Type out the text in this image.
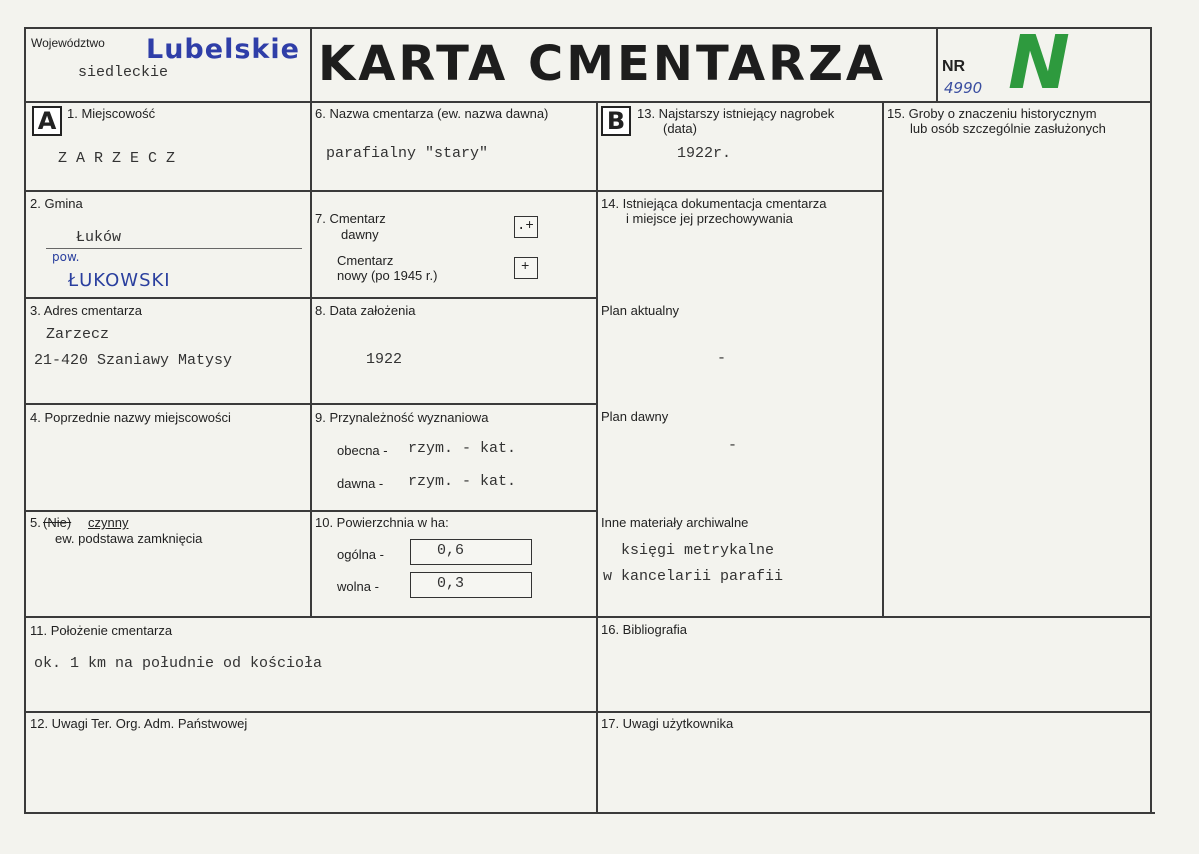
Województwo Lubelskie
siedleckie	KARTA CMENTARZA	NR
4990 N
A 1. Miejscowość
Z A R Z E C Z
2. Gmina
Łuków
pow.
ŁUKOWSKI
3. Adres cmentarza
Zarzecz
21-420 Szaniawy Matysy
4. Poprzednie nazwy miejscowości
5. (Nie) czynny
ew. podstawa zamknięcia
6. Nazwa cmentarza (ew. nazwa dawna)
parafialny "stary"
7. Cmentarz
dawny
.+
Cmentarz
nowy (po 1945 r.)
+
8. Data założenia
1922
9. Przynależność wyznaniowa
obecna - rzym. - kat.
dawna - rzym. - kat.
10. Powierzchnia w ha:
ogólna -	0,6
wolna -	0,3
11. Położenie cmentarza
ok. 1 km na południe od kościoła
12. Uwagi Ter. Org. Adm. Państwowej
B 13. Najstarszy istniejący nagrobek
(data)
1922r.
14. Istniejąca dokumentacja cmentarza
i miejsce jej przechowywania
Plan aktualny
-
Plan dawny
-
Inne materiały archiwalne
księgi metrykalne
w kancelarii parafii
15. Groby o znaczeniu historycznym
lub osób szczególnie zasłużonych
16. Bibliografia
17. Uwagi użytkownika
